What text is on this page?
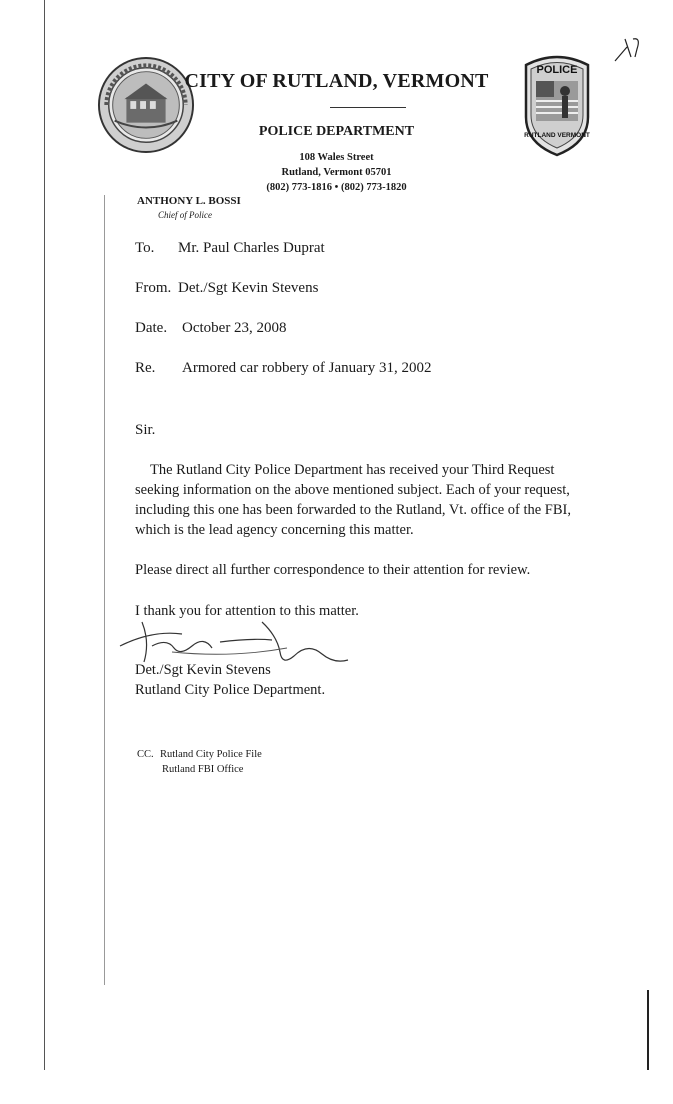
POLICE
RUTLAND VERMONT
CITY OF RUTLAND, VERMONT
POLICE DEPARTMENT
108 Wales Street
Rutland, Vermont 05701
(802) 773-1816 • (802) 773-1820
ANTHONY L. BOSSI
Chief of Police
To. Mr. Paul Charles Duprat
From. Det./Sgt Kevin Stevens
Date. October 23, 2008
Re. Armored car robbery of January 31, 2002
Sir.
The Rutland City Police Department has received your Third Request
seeking information on the above mentioned subject. Each of your request,
including this one has been forwarded to the Rutland, Vt. office of the FBI,
which is the lead agency concerning this matter.
Please direct all further correspondence to their attention for review.
I thank you for attention to this matter.
Det./Sgt Kevin Stevens
Rutland City Police Department.
CC. Rutland City Police File
Rutland FBI Office
